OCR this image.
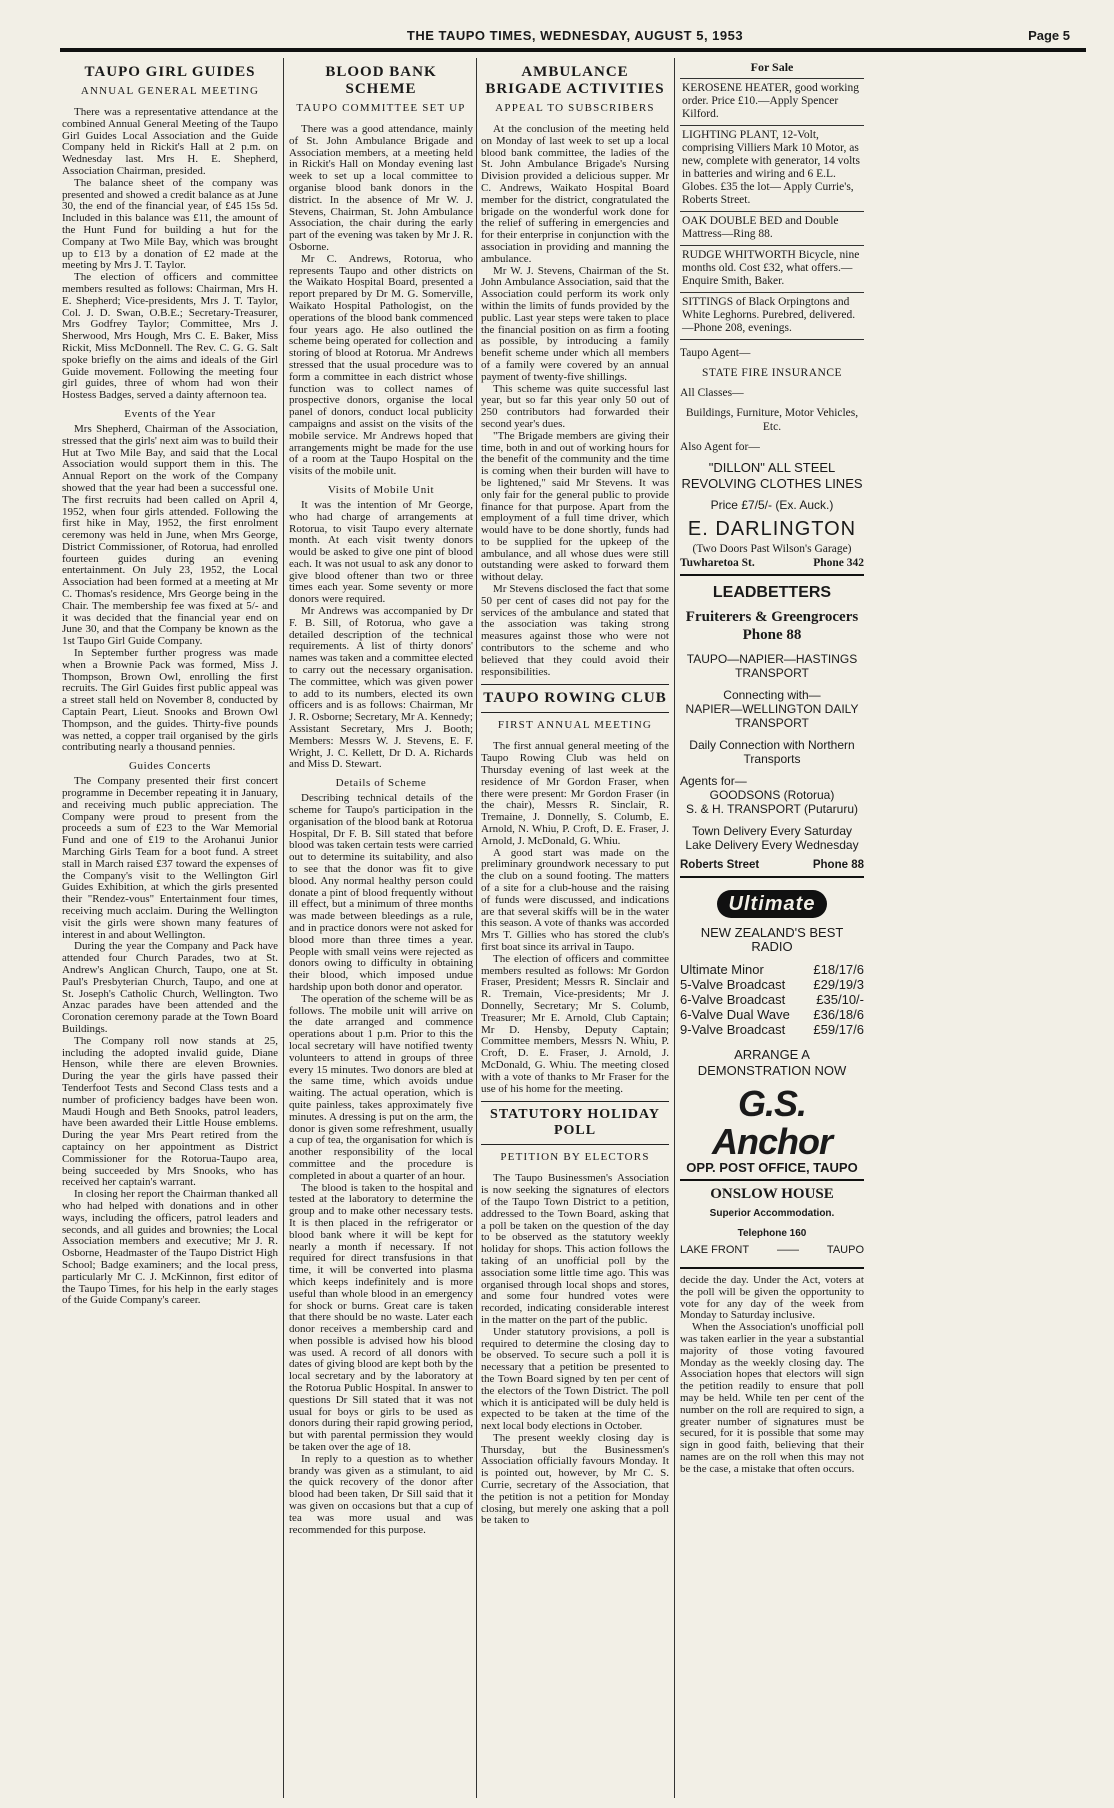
THE TAUPO TIMES, WEDNESDAY, AUGUST 5, 1953	Page 5
TAUPO GIRL GUIDES
ANNUAL GENERAL MEETING

There was a representative attendance at the combined Annual General Meeting of the Taupo Girl Guides Local Association and the Guide Company held in Rickit's Hall at 2 p.m. on Wednesday last. Mrs H. E. Shepherd, Association Chairman, presided.

The balance sheet of the company was presented and showed a credit balance as at June 30, the end of the financial year, of £45 15s 5d. Included in this balance was £11, the amount of the Hunt Fund for building a hut for the Company at Two Mile Bay, which was brought up to £13 by a donation of £2 made at the meeting by Mrs J. T. Taylor.

The election of officers and committee members resulted as follows: Chairman, Mrs H. E. Shepherd; Vice-presidents, Mrs J. T. Taylor, Col. J. D. Swan, O.B.E.; Secretary-Treasurer, Mrs Godfrey Taylor; Committee, Mrs J. Sherwood, Mrs Hough, Mrs C. E. Baker, Miss Rickit, Miss McDonnell. The Rev. C. G. G. Salt spoke briefly on the aims and ideals of the Girl Guide movement. Following the meeting four girl guides, three of whom had won their Hostess Badges, served a dainty afternoon tea.

Events of the Year

Mrs Shepherd, Chairman of the Association, stressed that the girls' next aim was to build their Hut at Two Mile Bay, and said that the Local Association would support them in this. The Annual Report on the work of the Company showed that the year had been a successful one. The first recruits had been called on April 4, 1952, when four girls attended. Following the first hike in May, 1952, the first enrolment ceremony was held in June, when Mrs George, District Commissioner, of Rotorua, had enrolled fourteen guides during an evening entertainment. On July 23, 1952, the Local Association had been formed at a meeting at Mr C. Thomas's residence, Mrs George being in the Chair. The membership fee was fixed at 5/- and it was decided that the financial year end on June 30, and that the Company be known as the 1st Taupo Girl Guide Company.

In September further progress was made when a Brownie Pack was formed, Miss J. Thompson, Brown Owl, enrolling the first recruits. The Girl Guides first public appeal was a street stall held on November 8, conducted by Captain Peart, Lieut. Snooks and Brown Owl Thompson, and the guides. Thirty-five pounds was netted, a copper trail organised by the girls contributing nearly a thousand pennies.

Guides Concerts

The Company presented their first concert programme in December repeating it in January, and receiving much public appreciation. The Company were proud to present from the proceeds a sum of £23 to the War Memorial Fund and one of £19 to the Arohanui Junior Marching Girls Team for a boot fund. A street stall in March raised £37 toward the expenses of the Company's visit to the Wellington Girl Guides Exhibition, at which the girls presented their "Rendez-vous" Entertainment four times, receiving much acclaim. During the Wellington visit the girls were shown many features of interest in and about Wellington.

During the year the Company and Pack have attended four Church Parades, two at St. Andrew's Anglican Church, Taupo, one at St. Paul's Presbyterian Church, Taupo, and one at St. Joseph's Catholic Church, Wellington. Two Anzac parades have been attended and the Coronation ceremony parade at the Town Board Buildings.

The Company roll now stands at 25, including the adopted invalid guide, Diane Henson, while there are eleven Brownies. During the year the girls have passed their Tenderfoot Tests and Second Class tests and a number of proficiency badges have been won. Maudi Hough and Beth Snooks, patrol leaders, have been awarded their Little House emblems. During the year Mrs Peart retired from the captaincy on her appointment as District Commissioner for the Rotorua-Taupo area, being succeeded by Mrs Snooks, who has received her captain's warrant.

In closing her report the Chairman thanked all who had helped with donations and in other ways, including the officers, patrol leaders and seconds, and all guides and brownies; the Local Association members and executive; Mr J. R. Osborne, Headmaster of the Taupo District High School; Badge examiners; and the local press, particularly Mr C. J. McKinnon, first editor of the Taupo Times, for his help in the early stages of the Guide Company's career.

BLOOD BANK SCHEME
TAUPO COMMITTEE SET UP

There was a good attendance, mainly of St. John Ambulance Brigade and Association members, at a meeting held in Rickit's Hall on Monday evening last week to set up a local committee to organise blood bank donors in the district. In the absence of Mr W. J. Stevens, Chairman, St. John Ambulance Association, the chair during the early part of the evening was taken by Mr J. R. Osborne.

Mr C. Andrews, Rotorua, who represents Taupo and other districts on the Waikato Hospital Board, presented a report prepared by Dr M. G. Somerville, Waikato Hospital Pathologist, on the operations of the blood bank commenced four years ago. He also outlined the scheme being operated for collection and storing of blood at Rotorua. Mr Andrews stressed that the usual procedure was to form a committee in each district whose function was to collect names of prospective donors, organise the local panel of donors, conduct local publicity campaigns and assist on the visits of the mobile service. Mr Andrews hoped that arrangements might be made for the use of a room at the Taupo Hospital on the visits of the mobile unit.

Visits of Mobile Unit

It was the intention of Mr George, who had charge of arrangements at Rotorua, to visit Taupo every alternate month. At each visit twenty donors would be asked to give one pint of blood each. It was not usual to ask any donor to give blood oftener than two or three times each year. Some seventy or more donors were required.

Mr Andrews was accompanied by Dr F. B. Sill, of Rotorua, who gave a detailed description of the technical requirements. A list of thirty donors' names was taken and a committee elected to carry out the necessary organisation. The committee, which was given power to add to its numbers, elected its own officers and is as follows: Chairman, Mr J. R. Osborne; Secretary, Mr A. Kennedy; Assistant Secretary, Mrs J. Booth; Members: Messrs W. J. Stevens, E. F. Wright, J. C. Kellett, Dr D. A. Richards and Miss D. Stewart.

Details of Scheme

Describing technical details of the scheme for Taupo's participation in the organisation of the blood bank at Rotorua Hospital, Dr F. B. Sill stated that before blood was taken certain tests were carried out to determine its suitability, and also to see that the donor was fit to give blood. Any normal healthy person could donate a pint of blood frequently without ill effect, but a minimum of three months was made between bleedings as a rule, and in practice donors were not asked for blood more than three times a year. People with small veins were rejected as donors owing to difficulty in obtaining their blood, which imposed undue hardship upon both donor and operator.

The operation of the scheme will be as follows. The mobile unit will arrive on the date arranged and commence operations about 1 p.m. Prior to this the local secretary will have notified twenty volunteers to attend in groups of three every 15 minutes. Two donors are bled at the same time, which avoids undue waiting. The actual operation, which is quite painless, takes approximately five minutes. A dressing is put on the arm, the donor is given some refreshment, usually a cup of tea, the organisation for which is another responsibility of the local committee and the procedure is completed in about a quarter of an hour.

The blood is taken to the hospital and tested at the laboratory to determine the group and to make other necessary tests. It is then placed in the refrigerator or blood bank where it will be kept for nearly a month if necessary. If not required for direct transfusions in that time, it will be converted into plasma which keeps indefinitely and is more useful than whole blood in an emergency for shock or burns. Great care is taken that there should be no waste. Later each donor receives a membership card and when possible is advised how his blood was used. A record of all donors with dates of giving blood are kept both by the local secretary and by the laboratory at the Rotorua Public Hospital. In answer to questions Dr Sill stated that it was not usual for boys or girls to be used as donors during their rapid growing period, but with parental permission they would be taken over the age of 18.

In reply to a question as to whether brandy was given as a stimulant, to aid the quick recovery of the donor after blood had been taken, Dr Sill said that it was given on occasions but that a cup of tea was more usual and was recommended for this purpose.

AMBULANCE BRIGADE ACTIVITIES
APPEAL TO SUBSCRIBERS

At the conclusion of the meeting held on Monday of last week to set up a local blood bank committee, the ladies of the St. John Ambulance Brigade's Nursing Division provided a delicious supper. Mr C. Andrews, Waikato Hospital Board member for the district, congratulated the brigade on the wonderful work done for the relief of suffering in emergencies and for their enterprise in conjunction with the association in providing and manning the ambulance.

Mr W. J. Stevens, Chairman of the St. John Ambulance Association, said that the Association could perform its work only within the limits of funds provided by the public. Last year steps were taken to place the financial position on as firm a footing as possible, by introducing a family benefit scheme under which all members of a family were covered by an annual payment of twenty-five shillings.

This scheme was quite successful last year, but so far this year only 50 out of 250 contributors had forwarded their second year's dues.

"The Brigade members are giving their time, both in and out of working hours for the benefit of the community and the time is coming when their burden will have to be lightened," said Mr Stevens. It was only fair for the general public to provide finance for that purpose. Apart from the employment of a full time driver, which would have to be done shortly, funds had to be supplied for the upkeep of the ambulance, and all whose dues were still outstanding were asked to forward them without delay.

Mr Stevens disclosed the fact that some 50 per cent of cases did not pay for the services of the ambulance and stated that the association was taking strong measures against those who were not contributors to the scheme and who believed that they could avoid their responsibilities.

TAUPO ROWING CLUB
FIRST ANNUAL MEETING

The first annual general meeting of the Taupo Rowing Club was held on Thursday evening of last week at the residence of Mr Gordon Fraser, when there were present: Mr Gordon Fraser (in the chair), Messrs R. Sinclair, R. Tremaine, J. Donnelly, S. Columb, E. Arnold, N. Whiu, P. Croft, D. E. Fraser, J. Arnold, J. McDonald, G. Whiu.

A good start was made on the preliminary groundwork necessary to put the club on a sound footing. The matters of a site for a club-house and the raising of funds were discussed, and indications are that several skiffs will be in the water this season. A vote of thanks was accorded Mrs T. Gillies who has stored the club's first boat since its arrival in Taupo.

The election of officers and committee members resulted as follows: Mr Gordon Fraser, President; Messrs R. Sinclair and R. Tremain, Vice-presidents; Mr J. Donnelly, Secretary; Mr S. Columb, Treasurer; Mr E. Arnold, Club Captain; Mr D. Hensby, Deputy Captain; Committee members, Messrs N. Whiu, P. Croft, D. E. Fraser, J. Arnold, J. McDonald, G. Whiu. The meeting closed with a vote of thanks to Mr Fraser for the use of his home for the meeting.

STATUTORY HOLIDAY POLL
PETITION BY ELECTORS

The Taupo Businessmen's Association is now seeking the signatures of electors of the Taupo Town District to a petition, addressed to the Town Board, asking that a poll be taken on the question of the day to be observed as the statutory weekly holiday for shops. This action follows the taking of an unofficial poll by the association some little time ago. This was organised through local shops and stores, and some four hundred votes were recorded, indicating considerable interest in the matter on the part of the public.

Under statutory provisions, a poll is required to determine the closing day to be observed. To secure such a poll it is necessary that a petition be presented to the Town Board signed by ten per cent of the electors of the Town District. The poll which it is anticipated will be duly held is expected to be taken at the time of the next local body elections in October.

The present weekly closing day is Thursday, but the Businessmen's Association officially favours Monday. It is pointed out, however, by Mr C. S. Currie, secretary of the Association, that the petition is not a petition for Monday closing, but merely one asking that a poll be taken to

For Sale
KEROSENE HEATER, good working order. Price £10.—Apply Spencer Kilford.
LIGHTING PLANT, 12-Volt, comprising Villiers Mark 10 Motor, as new, complete with generator, 14 volts in batteries and wiring and 6 E.L. Globes. £35 the lot— Apply Currie's, Roberts Street.
OAK DOUBLE BED and Double Mattress—Ring 88.
RUDGE WHITWORTH Bicycle, nine months old. Cost £32, what offers.—Enquire Smith, Baker.
SITTINGS of Black Orpingtons and White Leghorns. Purebred, delivered. —Phone 208, evenings.
Taupo Agent—
STATE FIRE INSURANCE
All Classes—
Buildings, Furniture, Motor Vehicles, Etc.
Also Agent for—
"DILLON" ALL STEEL REVOLVING CLOTHES LINES
Price £7/5/- (Ex. Auck.)
E. DARLINGTON
(Two Doors Past Wilson's Garage)
Tuwharetoa St.	Phone 342
LEADBETTERS
Fruiterers & Greengrocers
Phone 88
TAUPO—NAPIER—HASTINGS TRANSPORT
Connecting with—
NAPIER—WELLINGTON DAILY TRANSPORT
Daily Connection with Northern Transports
Agents for—
GOODSONS (Rotorua)
S. & H. TRANSPORT (Putaruru)
Town Delivery Every Saturday
Lake Delivery Every Wednesday
Roberts Street	Phone 88
Ultimate
NEW ZEALAND'S BEST RADIO
Ultimate Minor	£18/17/6
5-Valve Broadcast £29/19/3
6-Valve Broadcast £35/10/-
6-Valve Dual Wave £36/18/6
9-Valve Broadcast £59/17/6
ARRANGE A DEMONSTRATION NOW
G.S. Anchor
OPP. POST OFFICE, TAUPO
ONSLOW HOUSE
Superior Accommodation.
Telephone 160
LAKE FRONT	——	TAUPO

decide the day. Under the Act, voters at the poll will be given the opportunity to vote for any day of the week from Monday to Saturday inclusive.

When the Association's unofficial poll was taken earlier in the year a substantial majority of those voting favoured Monday as the weekly closing day. The Association hopes that electors will sign the petition readily to ensure that poll may be held. While ten per cent of the number on the roll are required to sign, a greater number of signatures must be secured, for it is possible that some may sign in good faith, believing that their names are on the roll when this may not be the case, a mistake that often occurs.
